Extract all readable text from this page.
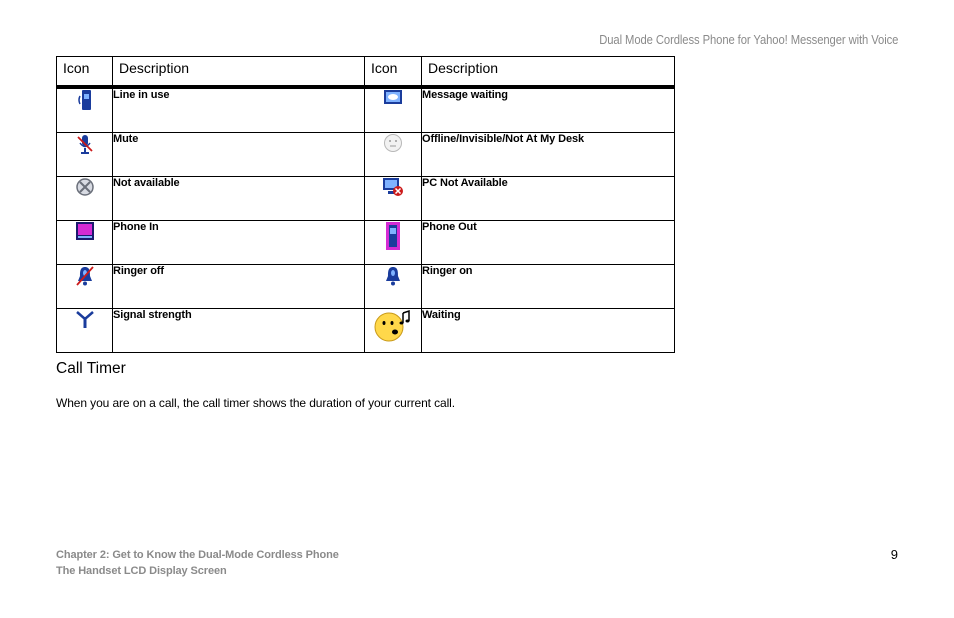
Dual Mode Cordless Phone for Yahoo! Messenger with Voice
Icon	Description	Icon	Description

	Line in use		Message waiting

	Mute		Offline/Invisible/Not At My Desk

	Not available		PC Not Available

	Phone In		Phone Out

	Ringer off		Ringer on

	Signal strength		Waiting
Call Timer

When you are on a call, the call timer shows the duration of your current call.

Chapter 2: Get to Know the Dual-Mode Cordless Phone
The Handset LCD Display Screen
9
